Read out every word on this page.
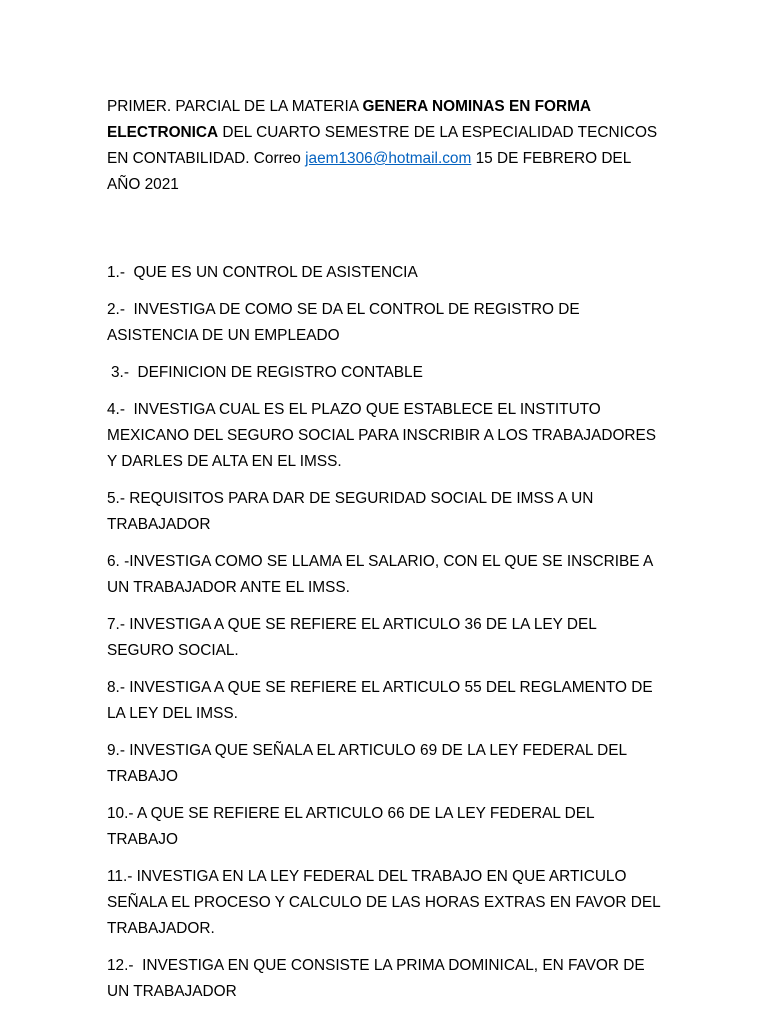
PRIMER. PARCIAL DE LA MATERIA GENERA NOMINAS EN FORMA ELECTRONICA DEL CUARTO SEMESTRE DE LA ESPECIALIDAD TECNICOS EN CONTABILIDAD. Correo jaem1306@hotmail.com 15 DE FEBRERO DEL AÑO 2021

1.-  QUE ES UN CONTROL DE ASISTENCIA
2.-  INVESTIGA DE COMO SE DA EL CONTROL DE REGISTRO DE ASISTENCIA DE UN EMPLEADO
3.-  DEFINICION DE REGISTRO CONTABLE
4.-  INVESTIGA CUAL ES EL PLAZO QUE ESTABLECE EL INSTITUTO MEXICANO DEL SEGURO SOCIAL PARA INSCRIBIR A LOS TRABAJADORES Y DARLES DE ALTA EN EL IMSS.
5.- REQUISITOS PARA DAR DE SEGURIDAD SOCIAL DE IMSS A UN TRABAJADOR
6. -INVESTIGA COMO SE LLAMA EL SALARIO, CON EL QUE SE INSCRIBE A UN TRABAJADOR ANTE EL IMSS.
7.- INVESTIGA A QUE SE REFIERE EL ARTICULO 36 DE LA LEY DEL SEGURO SOCIAL.
8.- INVESTIGA A QUE SE REFIERE EL ARTICULO 55 DEL REGLAMENTO DE LA LEY DEL IMSS.
9.- INVESTIGA QUE SEÑALA EL ARTICULO 69 DE LA LEY FEDERAL DEL TRABAJO
10.- A QUE SE REFIERE EL ARTICULO 66 DE LA LEY FEDERAL DEL TRABAJO
11.- INVESTIGA EN LA LEY FEDERAL DEL TRABAJO EN QUE ARTICULO SEÑALA EL PROCESO Y CALCULO DE LAS HORAS EXTRAS EN FAVOR DEL TRABAJADOR.
12.-  INVESTIGA EN QUE CONSISTE LA PRIMA DOMINICAL, EN FAVOR DE UN TRABAJADOR
